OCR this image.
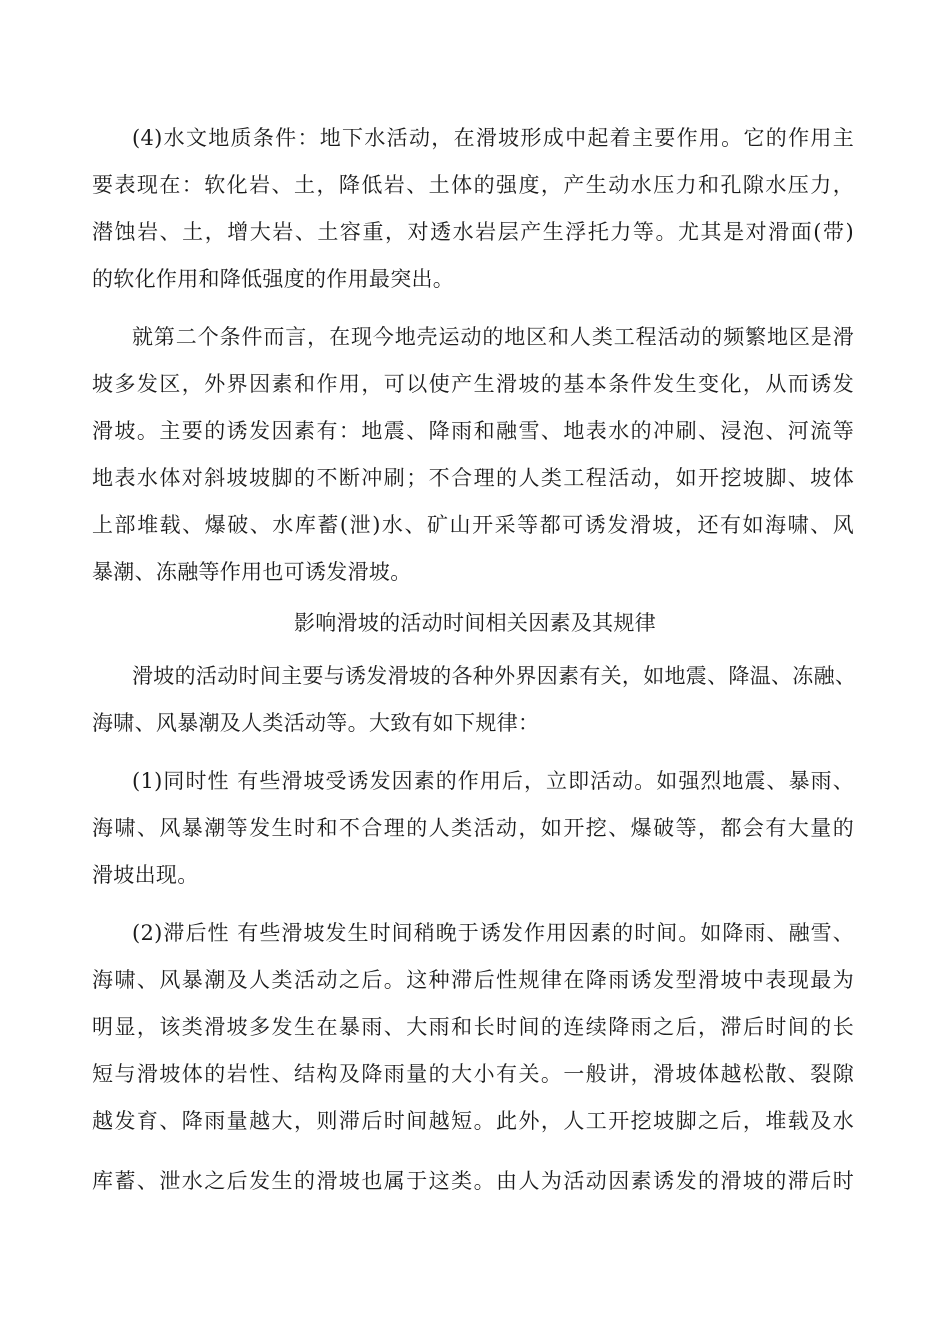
(4)水文地质条件：地下水活动，在滑坡形成中起着主要作用。它的作用主
要表现在：软化岩、土，降低岩、土体的强度，产生动水压力和孔隙水压力，
潜蚀岩、土，增大岩、土容重，对透水岩层产生浮托力等。尤其是对滑面(带)
的软化作用和降低强度的作用最突出。
就第二个条件而言，在现今地壳运动的地区和人类工程活动的频繁地区是滑
坡多发区，外界因素和作用，可以使产生滑坡的基本条件发生变化，从而诱发
滑坡。主要的诱发因素有：地震、降雨和融雪、地表水的冲刷、浸泡、河流等
地表水体对斜坡坡脚的不断冲刷；不合理的人类工程活动，如开挖坡脚、坡体
上部堆载、爆破、水库蓄(泄)水、矿山开采等都可诱发滑坡，还有如海啸、风
暴潮、冻融等作用也可诱发滑坡。
影响滑坡的活动时间相关因素及其规律
滑坡的活动时间主要与诱发滑坡的各种外界因素有关，如地震、降温、冻融、
海啸、风暴潮及人类活动等。大致有如下规律：
(1)同时性 有些滑坡受诱发因素的作用后，立即活动。如强烈地震、暴雨、
海啸、风暴潮等发生时和不合理的人类活动，如开挖、爆破等，都会有大量的
滑坡出现。
(2)滞后性 有些滑坡发生时间稍晚于诱发作用因素的时间。如降雨、融雪、
海啸、风暴潮及人类活动之后。这种滞后性规律在降雨诱发型滑坡中表现最为
明显，该类滑坡多发生在暴雨、大雨和长时间的连续降雨之后，滞后时间的长
短与滑坡体的岩性、结构及降雨量的大小有关。一般讲，滑坡体越松散、裂隙
越发育、降雨量越大，则滞后时间越短。此外，人工开挖坡脚之后，堆载及水
库蓄、泄水之后发生的滑坡也属于这类。由人为活动因素诱发的滑坡的滞后时
